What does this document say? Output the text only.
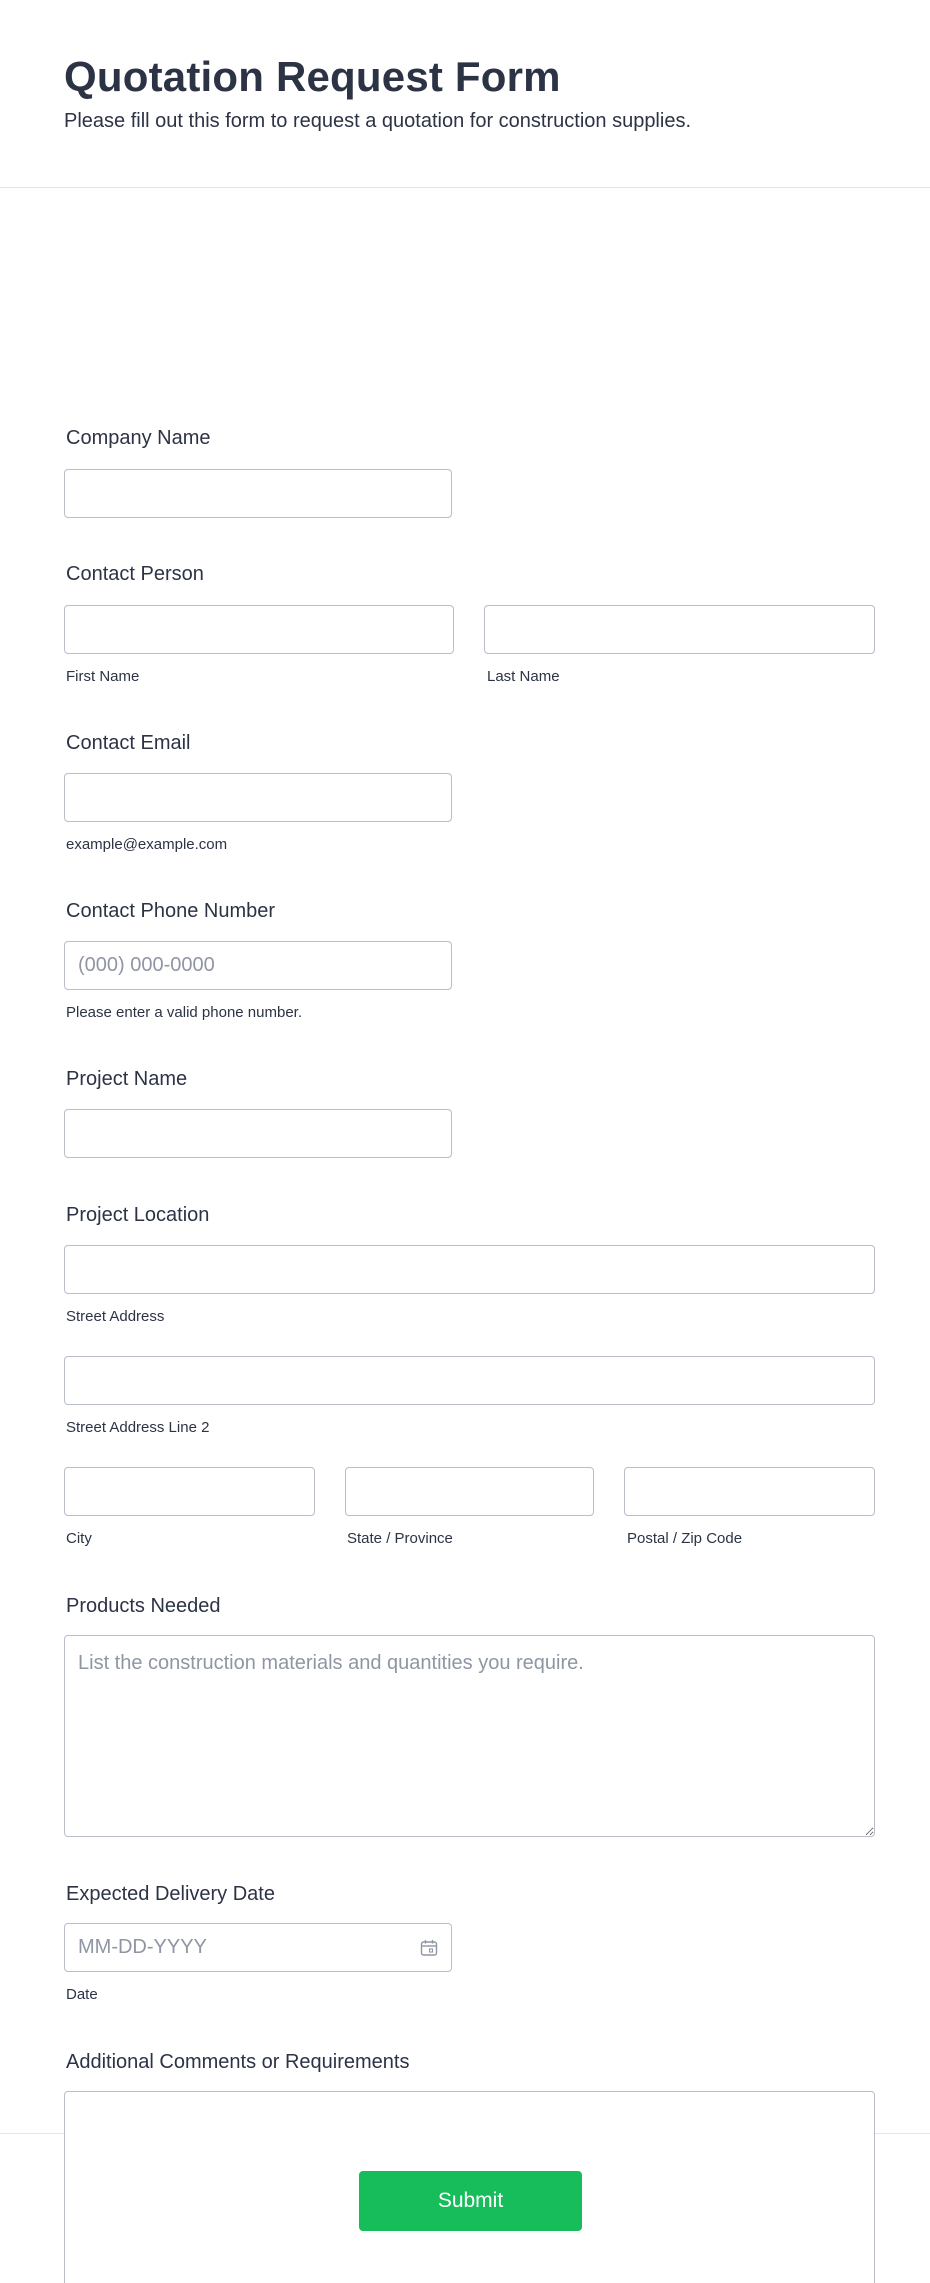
Quotation Request Form

Please fill out this form to request a quotation for construction supplies.

Company Name
Contact Person
First Name	Last Name
Contact Email
example@example.com
Contact Phone Number
(000) 000-0000
Please enter a valid phone number.
Project Name
Project Location
Street Address
Street Address Line 2
City	State / Province	Postal / Zip Code
Products Needed
List the construction materials and quantities you require.
Expected Delivery Date
MM-DD-YYYY
Date
Additional Comments or Requirements
Submit
